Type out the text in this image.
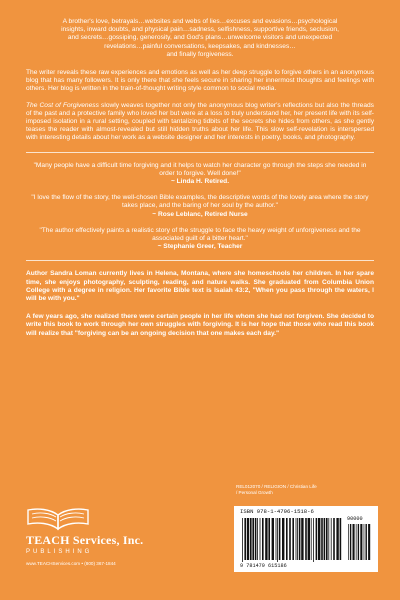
A brother's love, betrayals…websites and webs of lies…excuses and evasions…psychological

insights, inward doubts, and physical pain…sadness, selfishness, supportive friends, seclusion,

and secrets…gossiping, generosity, and God's plans…unwelcome visitors and unexpected

revelations…painful conversations, keepsakes, and kindnesses…

and finally forgiveness.

The writer reveals these raw experiences and emotions as well as her deep struggle to forgive others in an anonymous blog that has many followers. It is only there that she feels secure in sharing her innermost thoughts and feelings with others. Her blog is written in the train-of-thought writing style common to social media.

The Cost of Forgiveness slowly weaves together not only the anonymous blog writer's reflections but also the threads of the past and a protective family who loved her but were at a loss to truly understand her, her present life with its self-imposed isolation in a rural setting, coupled with tantalizing tidbits of the secrets she hides from others, as she gently teases the reader with almost-revealed but still hidden truths about her life. This slow self-revelation is interspersed with interesting details about her work as a website designer and her interests in poetry, books, and photography.

"Many people have a difficult time forgiving and it helps to watch her character go through the steps she needed in order to forgive. Well done!"

~ Linda H. Retired.

"I love the flow of the story, the well-chosen Bible examples, the descriptive words of the lovely area where the story takes place, and the baring of her soul by the author."

~ Rose Leblanc, Retired Nurse

"The author effectively paints a realistic story of the struggle to face the heavy weight of unforgiveness and the associated guilt of a bitter heart."

~ Stephanie Greer, Teacher

Author Sandra Loman currently lives in Helena, Montana, where she homeschools her children. In her spare time, she enjoys photography, sculpting, reading, and nature walks. She graduated from Columbia Union College with a degree in religion. Her favorite Bible text is Isaiah 43:2, "When you pass through the waters, I will be with you."

A few years ago, she realized there were certain people in her life whom she had not forgiven. She decided to write this book to work through her own struggles with forgiving. It is her hope that those who read this book will realize that "forgiving can be an ongoing decision that one makes each day."

TEACH Services, Inc.
PUBLISHING
www.TEACHServices.com • (800) 367-1844
REL012070 / RELIGION / Christian Life
/ Personal Growth
ISBN 978-1-4796-1518-6
90000
9 781479 615186
